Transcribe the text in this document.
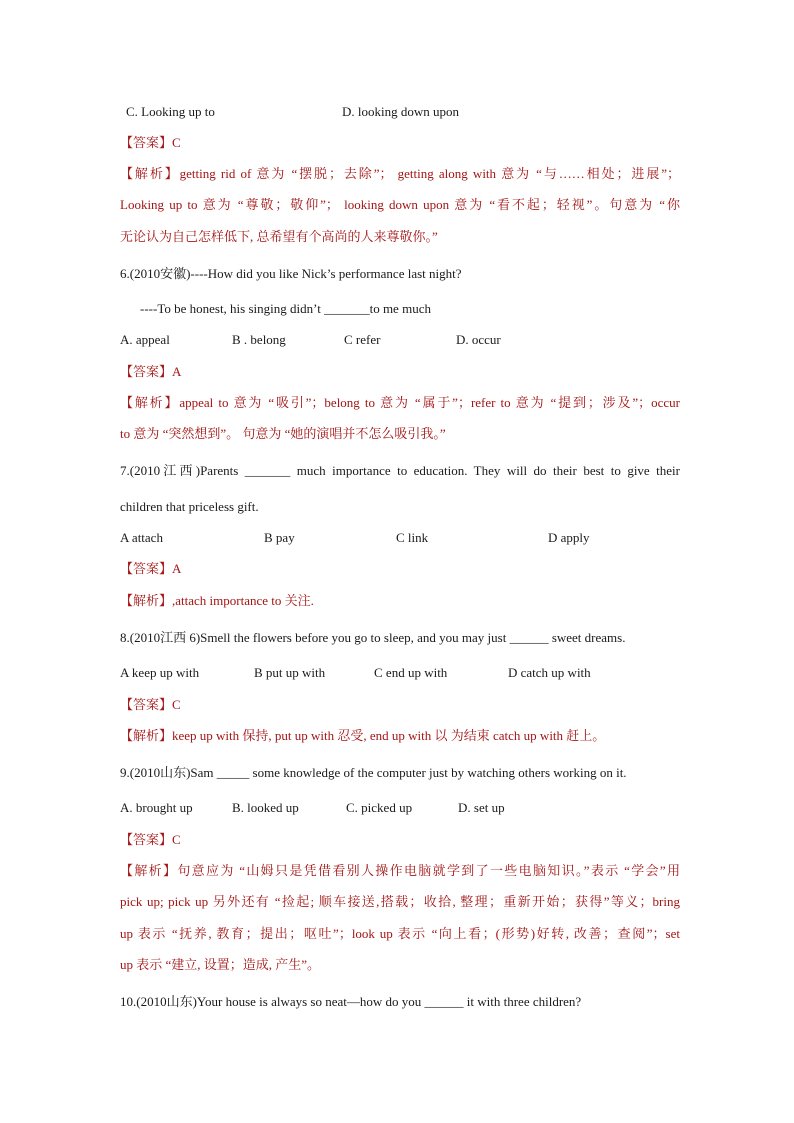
C. Looking up to	D. looking down upon
【答案】C
【解析】getting rid of 意为 “摆脱；去除”； getting along with 意为 “与……相处；进展”；
Looking up to 意为 “尊敬；敬仰”； looking down upon 意为 “看不起；轻视”。句意为 “你
无论认为自己怎样低下, 总希望有个高尚的人来尊敬你。”
6.(2010安徽)----How did you like Nick’s performance last night?
----To be honest, his singing didn’t _______to me much
A. appeal	B . belong	C refer	D. occur
【答案】A
【解析】appeal to 意为 “吸引”；belong to 意为 “属于”；refer to 意为 “提到；涉及”；occur
to 意为 “突然想到”。 句意为 “她的演唱并不怎么吸引我。”
7.(2010江西)Parents _______ much importance to education. They will do their best to give their
children that priceless gift.
A attach	B pay	C link	D apply
【答案】A
【解析】,attach importance to 关注.
8.(2010江西 6)Smell the flowers before you go to sleep, and you may just ______ sweet dreams.
A keep up with	B put up with	C end up with	D catch up with
【答案】C
【解析】keep up with 保持, put up with 忍受, end up with 以 为结束 catch up with 赶上。
9.(2010山东)Sam _____ some knowledge of the computer just by watching others working on it.
A. brought up	B. looked up	C. picked up	D. set up
【答案】C
【解析】句意应为 “山姆只是凭借看别人操作电脑就学到了一些电脑知识。”表示 “学会”用
pick up; pick up 另外还有 “捡起; 顺车接送,搭载；收拾, 整理；重新开始；获得”等义；bring
up 表示 “抚养, 教育；提出；呕吐”；look up 表示 “向上看；(形势)好转, 改善；查阅”；set
up 表示 “建立, 设置；造成, 产生”。
10.(2010山东)Your house is always so neat—how do you ______ it with three children?
